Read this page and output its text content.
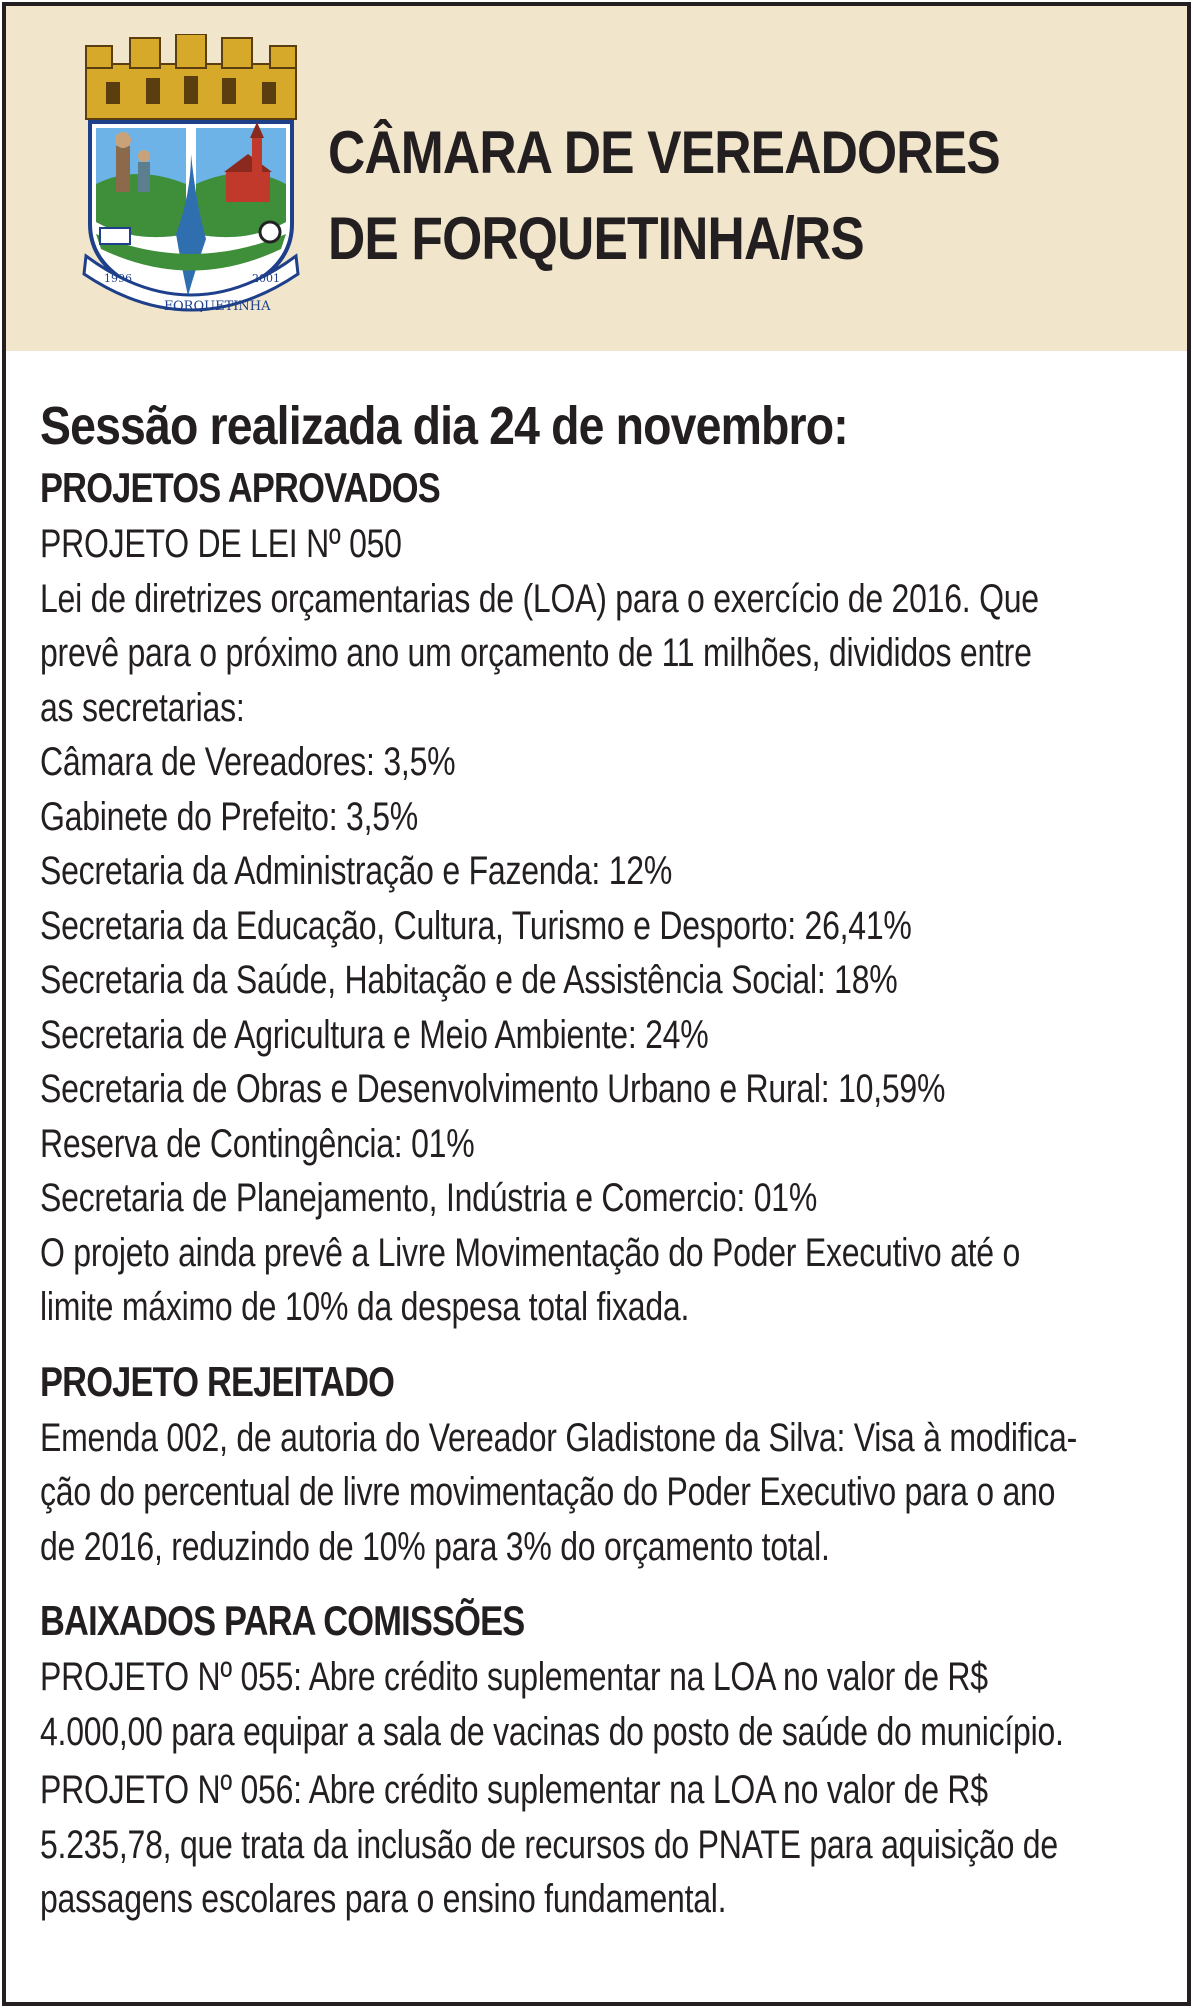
1996
FORQUETINHA
2001
CÂMARA DE VEREADORES
DE FORQUETINHA/RS
Sessão realizada dia 24 de novembro:
PROJETOS APROVADOS
PROJETO DE LEI Nº 050
Lei de diretrizes orçamentarias de (LOA) para o exercício de 2016. Que
prevê para o próximo ano um orçamento de 11 milhões, divididos entre
as secretarias:
Câmara de Vereadores: 3,5%
Gabinete do Prefeito: 3,5%
Secretaria da Administração e Fazenda: 12%
Secretaria da Educação, Cultura, Turismo e Desporto: 26,41%
Secretaria da Saúde, Habitação e de Assistência Social: 18%
Secretaria de Agricultura e Meio Ambiente: 24%
Secretaria de Obras e Desenvolvimento Urbano e Rural: 10,59%
Reserva de Contingência: 01%
Secretaria de Planejamento, Indústria e Comercio: 01%
O projeto ainda prevê a Livre Movimentação do Poder Executivo até o
limite máximo de 10% da despesa total fixada.
PROJETO REJEITADO
Emenda 002, de autoria do Vereador Gladistone da Silva: Visa à modifica-
ção do percentual de livre movimentação do Poder Executivo para o ano
de 2016, reduzindo de 10% para 3% do orçamento total.
BAIXADOS PARA COMISSÕES
PROJETO Nº 055: Abre crédito suplementar na LOA no valor de R$
4.000,00 para equipar a sala de vacinas do posto de saúde do município.
PROJETO Nº 056: Abre crédito suplementar na LOA no valor de R$
5.235,78, que trata da inclusão de recursos do PNATE para aquisição de
passagens escolares para o ensino fundamental.
